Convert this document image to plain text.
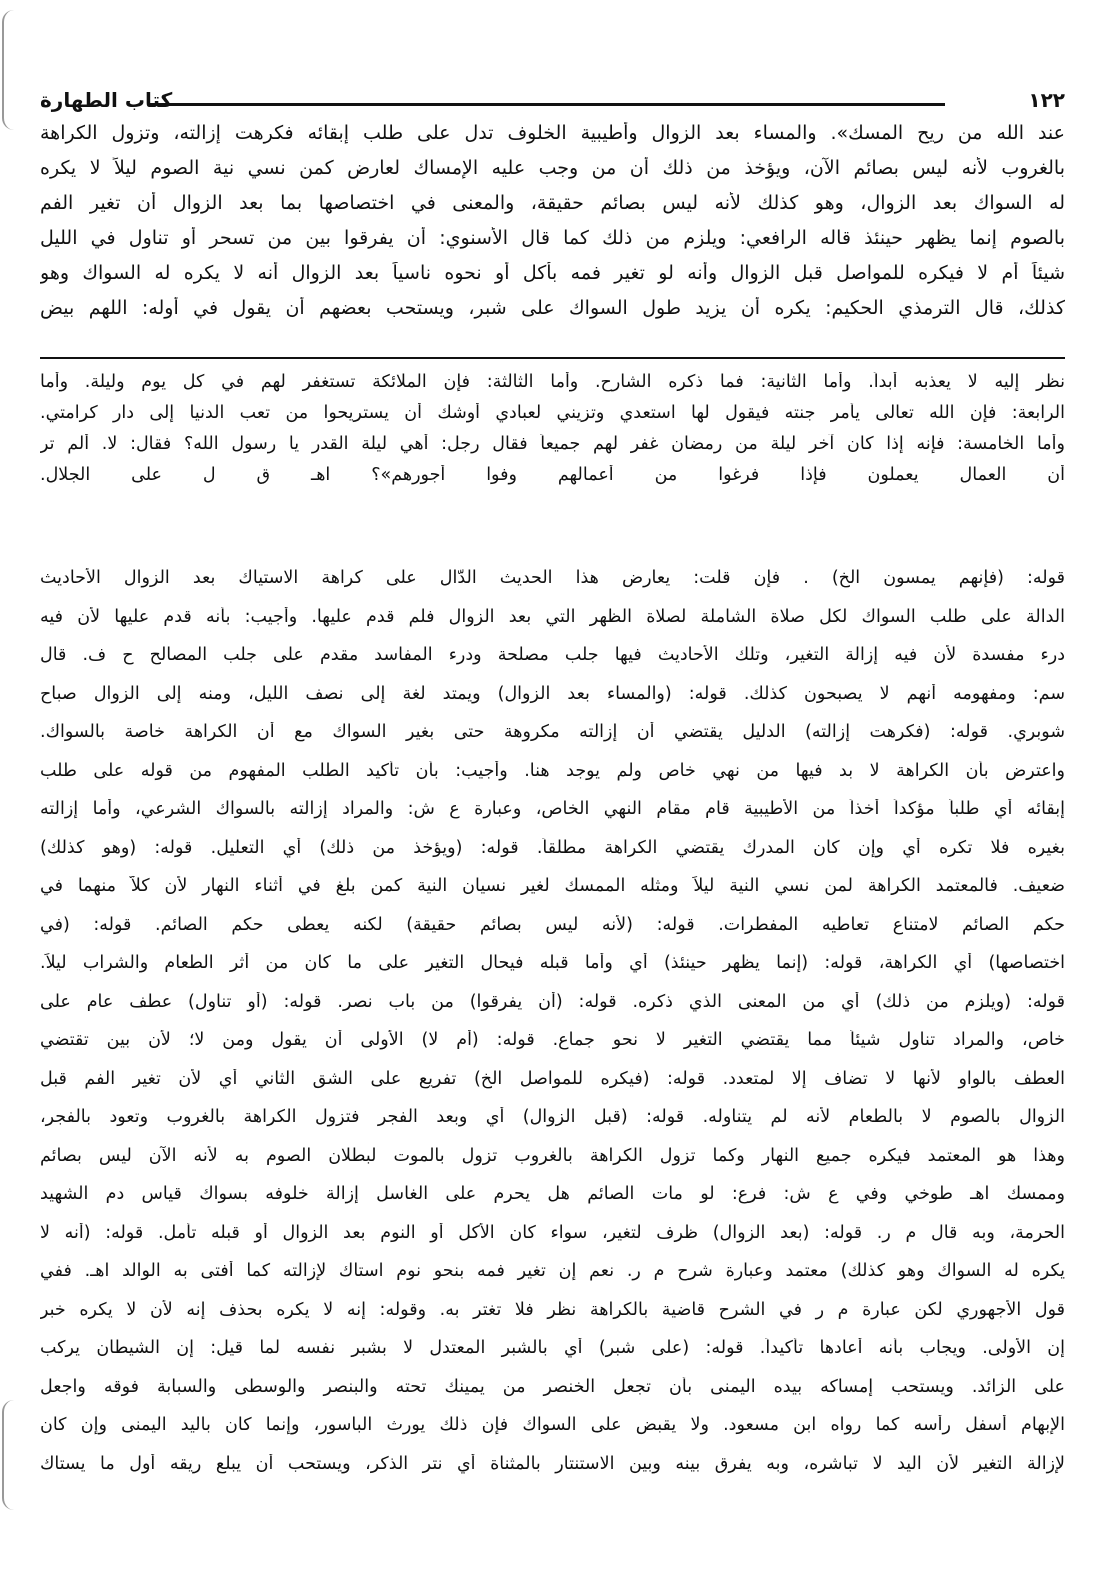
١٢٢
كتاب الطهارة
عند الله من ريح المسك». والمساء بعد الزوال وأطيبية الخلوف تدل على طلب إبقائه فكرهت إزالته، وتزول الكراهة
بالغروب لأنه ليس بصائم الآن، ويؤخذ من ذلك أن من وجب عليه الإمساك لعارض كمن نسي نية الصوم ليلاً لا يكره
له السواك بعد الزوال، وهو كذلك لأنه ليس بصائم حقيقة، والمعنى في اختصاصها بما بعد الزوال أن تغير الفم
بالصوم إنما يظهر حينئذ قاله الرافعي: ويلزم من ذلك كما قال الأسنوي: أن يفرقوا بين من تسحر أو تناول في الليل
شيئاً أم لا فيكره للمواصل قبل الزوال وأنه لو تغير فمه بأكل أو نحوه ناسياً بعد الزوال أنه لا يكره له السواك وهو
كذلك، قال الترمذي الحكيم: يكره أن يزيد طول السواك على شبر، ويستحب بعضهم أن يقول في أوله: اللهم بيض
نظر إليه لا يعذبه أبداً. وأما الثانية: فما ذكره الشارح. وأما الثالثة: فإن الملائكة تستغفر لهم في كل يوم وليلة. وأما
الرابعة: فإن الله تعالى يأمر جنته فيقول لها استعدي وتزيني لعبادي أوشك أن يستريحوا من تعب الدنيا إلى دار كرامتي.
وأما الخامسة: فإنه إذا كان آخر ليلة من رمضان غفر لهم جميعاً فقال رجل: أهي ليلة القدر يا رسول الله؟ فقال: لا. ألم تر
أن العمال يعملون فإذا فرغوا من أعمالهم وفوا أجورهم»؟ اهـ ق ل على الجلال.
قوله: (فإنهم يمسون الخ) . فإن قلت: يعارض هذا الحديث الدّال على كراهة الاستياك بعد الزوال الأحاديث
الدالة على طلب السواك لكل صلاة الشاملة لصلاة الظهر التي بعد الزوال فلم قدم عليها. وأجيب: بأنه قدم عليها لأن فيه
درء مفسدة لأن فيه إزالة التغير، وتلك الأحاديث فيها جلب مصلحة ودرء المفاسد مقدم على جلب المصالح ح ف. قال
سم: ومفهومه أنهم لا يصبحون كذلك. قوله: (والمساء بعد الزوال) ويمتد لغة إلى نصف الليل، ومنه إلى الزوال صباح
شوبري. قوله: (فكرهت إزالته) الدليل يقتضي أن إزالته مكروهة حتى بغير السواك مع أن الكراهة خاصة بالسواك.
واعترض بأن الكراهة لا بد فيها من نهي خاص ولم يوجد هنا. وأجيب: بأن تأكيد الطلب المفهوم من قوله على طلب
إبقائه أي طلباً مؤكداً أخذاً من الأطيبية قام مقام النهي الخاص، وعبارة ع ش: والمراد إزالته بالسواك الشرعي، وأما إزالته
بغيره فلا تكره أي وإن كان المدرك يقتضي الكراهة مطلقاً. قوله: (ويؤخذ من ذلك) أي التعليل. قوله: (وهو كذلك)
ضعيف. فالمعتمد الكراهة لمن نسي النية ليلاً ومثله الممسك لغير نسيان النية كمن بلغ في أثناء النهار لأن كلاًّ منهما في
حكم الصائم لامتناع تعاطيه المفطرات. قوله: (لأنه ليس بصائم حقيقة) لكنه يعطى حكم الصائم. قوله: (في
اختصاصها) أي الكراهة، قوله: (إنما يظهر حينئذ) أي وأما قبله فيحال التغير على ما كان من أثر الطعام والشراب ليلاً.
قوله: (ويلزم من ذلك) أي من المعنى الذي ذكره. قوله: (أن يفرقوا) من باب نصر. قوله: (أو تناول) عطف عام على
خاص، والمراد تناول شيئاً مما يقتضي التغير لا نحو جماع. قوله: (أم لا) الأولى أن يقول ومن لا؛ لأن بين تقتضي
العطف بالواو لأنها لا تضاف إلا لمتعدد. قوله: (فيكره للمواصل الخ) تفريع على الشق الثاني أي لأن تغير الفم قبل
الزوال بالصوم لا بالطعام لأنه لم يتناوله. قوله: (قبل الزوال) أي وبعد الفجر فتزول الكراهة بالغروب وتعود بالفجر،
وهذا هو المعتمد فيكره جميع النهار وكما تزول الكراهة بالغروب تزول بالموت لبطلان الصوم به لأنه الآن ليس بصائم
وممسك اهـ طوخي وفي ع ش: فرع: لو مات الصائم هل يحرم على الغاسل إزالة خلوفه بسواك قياس دم الشهيد
الحرمة، وبه قال م ر. قوله: (بعد الزوال) ظرف لتغير، سواء كان الأكل أو النوم بعد الزوال أو قبله تأمل. قوله: (أنه لا
يكره له السواك وهو كذلك) معتمد وعبارة شرح م ر. نعم إن تغير فمه بنحو نوم استاك لإزالته كما أفتى به الوالد اهـ. ففي
قول الأجهوري لكن عبارة م ر في الشرح قاضية بالكراهة نظر فلا تغتر به. وقوله: إنه لا يكره بحذف إنه لأن لا يكره خبر
إن الأولى. ويجاب بأنه أعادها تأكيداً. قوله: (على شبر) أي بالشبر المعتدل لا بشبر نفسه لما قيل: إن الشيطان يركب
على الزائد. ويستحب إمساكه بيده اليمنى بأن تجعل الخنصر من يمينك تحته والبنصر والوسطى والسبابة فوقه واجعل
الإبهام أسفل رأسه كما رواه ابن مسعود. ولا يقبض على السواك فإن ذلك يورث الباسور، وإنما كان باليد اليمنى وإن كان
لإزالة التغير لأن اليد لا تباشره، وبه يفرق بينه وبين الاستنتار بالمثناة أي نتر الذكر، ويستحب أن يبلع ريقه أول ما يستاك
